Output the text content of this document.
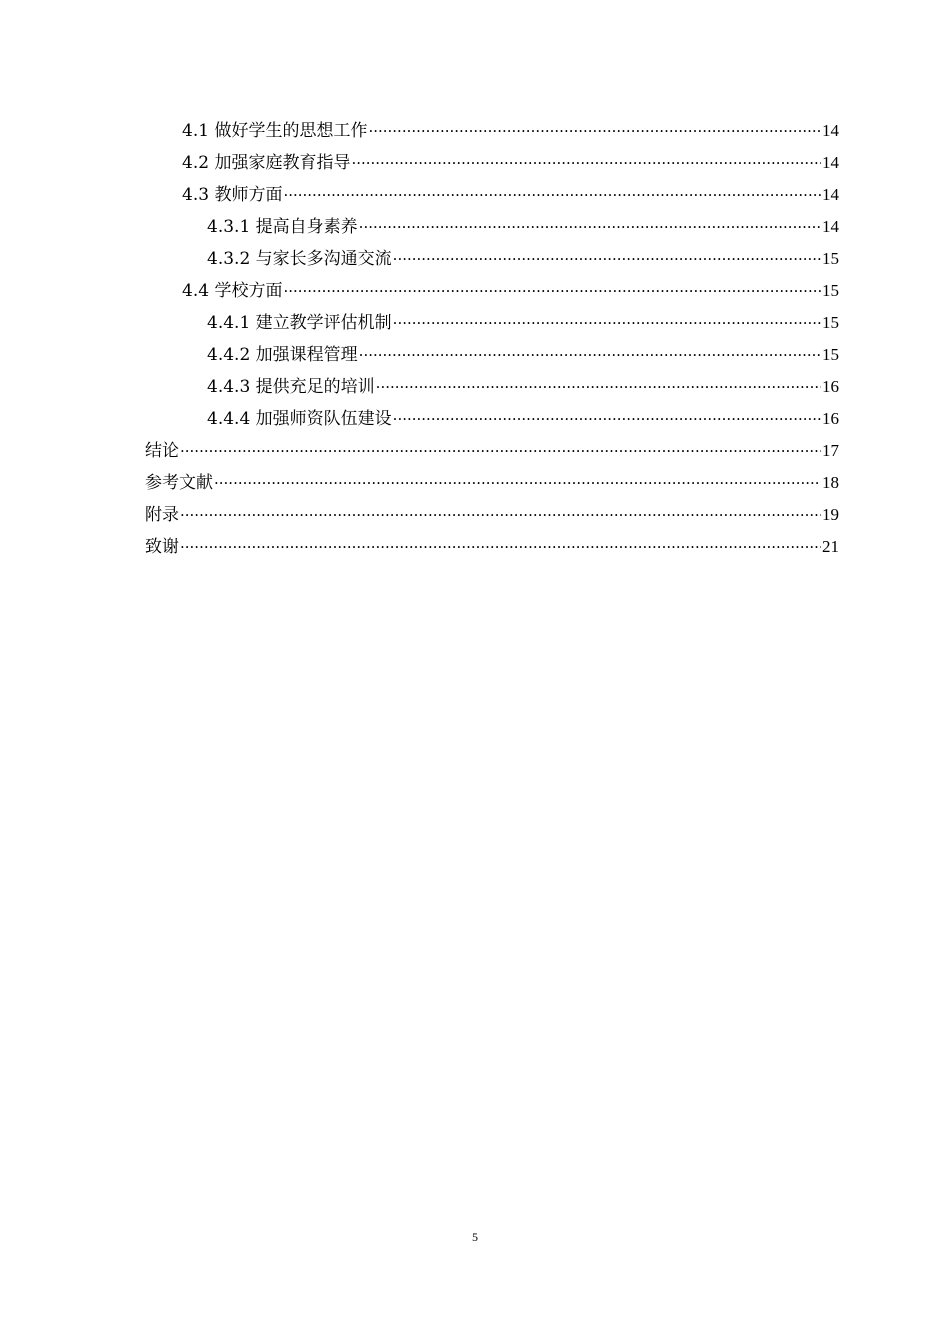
4.1 做好学生的思想工作 ·····	14
4.2 加强家庭教育指导 ·····	14
4.3 教师方面 ·····	14
4.3.1 提高自身素养 ·····	14
4.3.2 与家长多沟通交流 ·····	15
4.4 学校方面 ·····	15
4.4.1 建立教学评估机制 ·····	15
4.4.2 加强课程管理 ·····	15
4.4.3 提供充足的培训 ·····	16
4.4.4 加强师资队伍建设 ·····	16
结论 ·····	17
参考文献 ·····	18
附录 ·····	19
致谢 ·····	21
5
